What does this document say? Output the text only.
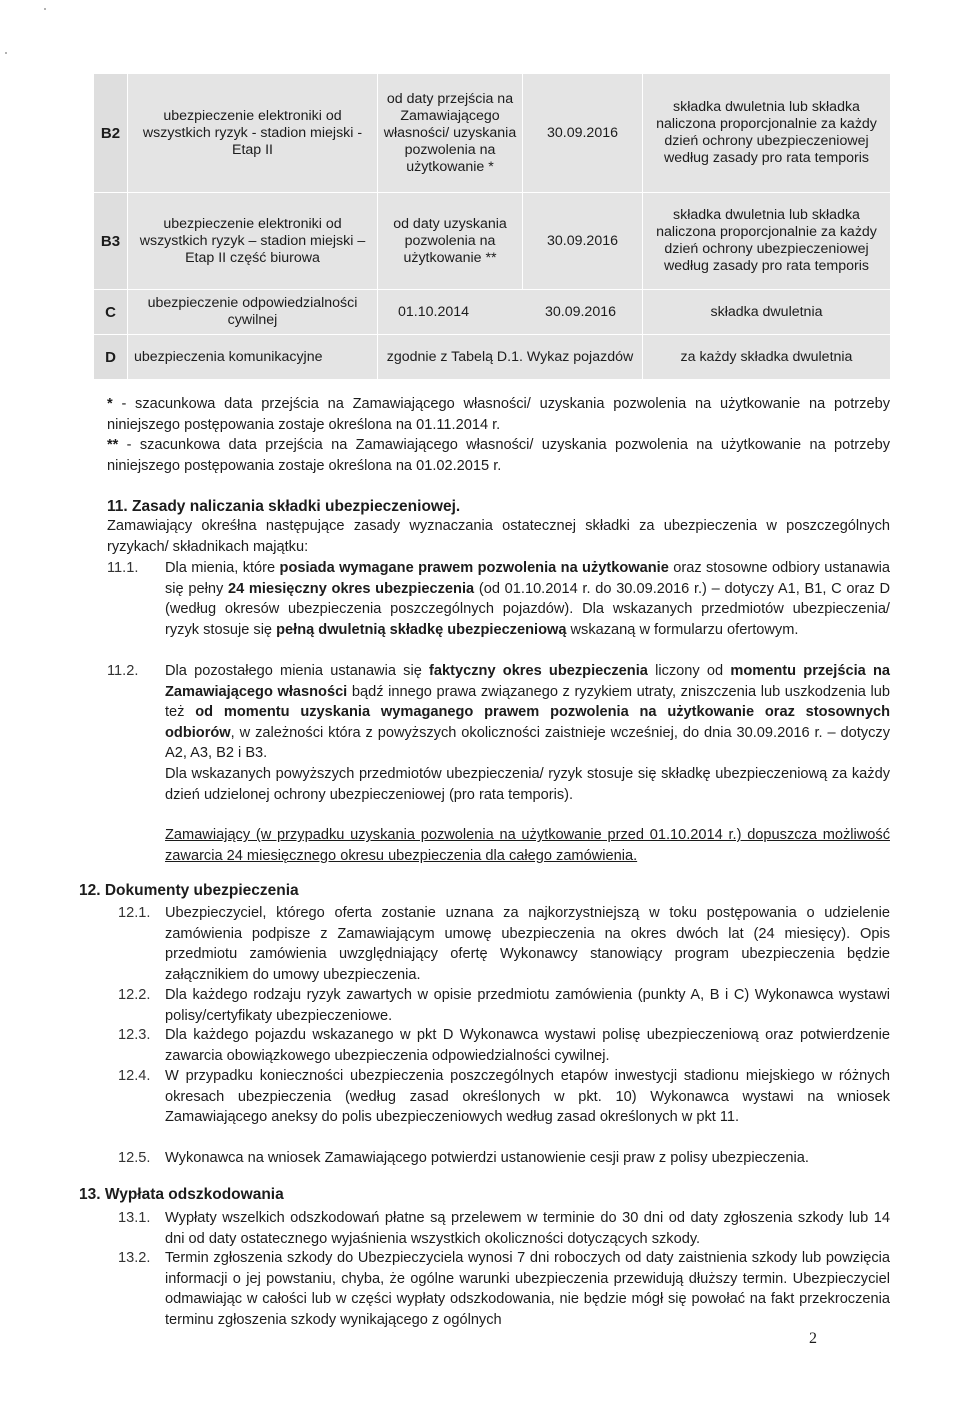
B2	ubezpieczenie elektroniki od wszystkich ryzyk - stadion miejski - Etap II	od daty przejścia na Zamawiającego własności/ uzyskania pozwolenia na użytkowanie *	30.09.2016	składka dwuletnia lub składka naliczona proporcjonalnie za każdy dzień ochrony ubezpieczeniowej według zasady pro rata temporis
B3	ubezpieczenie elektroniki od wszystkich ryzyk – stadion miejski – Etap II część biurowa	od daty uzyskania pozwolenia na użytkowanie **	30.09.2016	składka dwuletnia lub składka naliczona proporcjonalnie za każdy dzień ochrony ubezpieczeniowej według zasady pro rata temporis
C	ubezpieczenie odpowiedzialności cywilnej	01.10.2014 30.09.2016		składka dwuletnia
D	ubezpieczenia komunikacyjne	zgodnie z Tabelą D.1. Wykaz pojazdów		za każdy składka dwuletnia

* - szacunkowa data przejścia na Zamawiającego własności/ uzyskania pozwolenia na użytkowanie na potrzeby niniejszego postępowania zostaje określona na 01.11.2014 r.

** - szacunkowa data przejścia na Zamawiającego własności/ uzyskania pozwolenia na użytkowanie na potrzeby niniejszego postępowania zostaje określona na 01.02.2015 r.

11. Zasady naliczania składki ubezpieczeniowej.

Zamawiający okreśłna następujące zasady wyznaczania ostatecznej składki za ubezpieczenia w poszczególnych ryzykach/ składnikach majątku:

11.1.	Dla mienia, które posiada wymagane prawem pozwolenia na użytkowanie oraz stosowne odbiory ustanawia się pełny 24 miesięczny okres ubezpieczenia (od 01.10.2014 r. do 30.09.2016 r.) – dotyczy A1, B1, C oraz D (według okresów ubezpieczenia poszczególnych pojazdów). Dla wskazanych przedmiotów ubezpieczenia/ ryzyk stosuje się pełną dwuletnią składkę ubezpieczeniową wskazaną w formularzu ofertowym.

11.2.	Dla pozostałego mienia ustanawia się faktyczny okres ubezpieczenia liczony od momentu przejścia na Zamawiającego własności bądź innego prawa związanego z ryzykiem utraty, zniszczenia lub uszkodzenia lub też od momentu uzyskania wymaganego prawem pozwolenia na użytkowanie oraz stosownych odbiorów, w zależności która z powyższych okoliczności zaistnieje wcześniej, do dnia 30.09.2016 r. – dotyczy A2, A3, B2 i B3.

Dla wskazanych powyższych przedmiotów ubezpieczenia/ ryzyk stosuje się składkę ubezpieczeniową za każdy dzień udzielonej ochrony ubezpieczeniowej (pro rata temporis).

Zamawiający (w przypadku uzyskania pozwolenia na użytkowanie przed 01.10.2014 r.) dopuszcza możliwość zawarcia 24 miesięcznego okresu ubezpieczenia dla całego zamówienia.

12. Dokumenty ubezpieczenia

12.1. Ubezpieczyciel, którego oferta zostanie uznana za najkorzystniejszą w toku postępowania o udzielenie zamówienia podpisze z Zamawiającym umowę ubezpieczenia na okres dwóch lat (24 miesięcy). Opis przedmiotu zamówienia uwzględniający ofertę Wykonawcy stanowiący program ubezpieczenia będzie załącznikiem do umowy ubezpieczenia.
12.2. Dla każdego rodzaju ryzyk zawartych w opisie przedmiotu zamówienia (punkty A, B i C) Wykonawca wystawi polisy/certyfikaty ubezpieczeniowe.
12.3. Dla każdego pojazdu wskazanego w pkt D Wykonawca wystawi polisę ubezpieczeniową oraz potwierdzenie zawarcia obowiązkowego ubezpieczenia odpowiedzialności cywilnej.
12.4. W przypadku konieczności ubezpieczenia poszczególnych etapów inwestycji stadionu miejskiego w różnych okresach ubezpieczenia (według zasad określonych w pkt. 10) Wykonawca wystawi na wniosek Zamawiającego aneksy do polis ubezpieczeniowych według zasad określonych w pkt 11.
12.5. Wykonawca na wniosek Zamawiającego potwierdzi ustanowienie cesji praw z polisy ubezpieczenia.

13. Wypłata odszkodowania

13.1. Wypłaty wszelkich odszkodowań płatne są przelewem w terminie do 30 dni od daty zgłoszenia szkody lub 14 dni od daty ostatecznego wyjaśnienia wszystkich okoliczności dotyczących szkody.
13.2. Termin zgłoszenia szkody do Ubezpieczyciela wynosi 7 dni roboczych od daty zaistnienia szkody lub powzięcia informacji o jej powstaniu, chyba, że ogólne warunki ubezpieczenia przewidują dłuższy termin. Ubezpieczyciel odmawiając w całości lub w części wypłaty odszkodowania, nie będzie mógł się powołać na fakt przekroczenia terminu zgłoszenia szkody wynikającego z ogólnych
2
